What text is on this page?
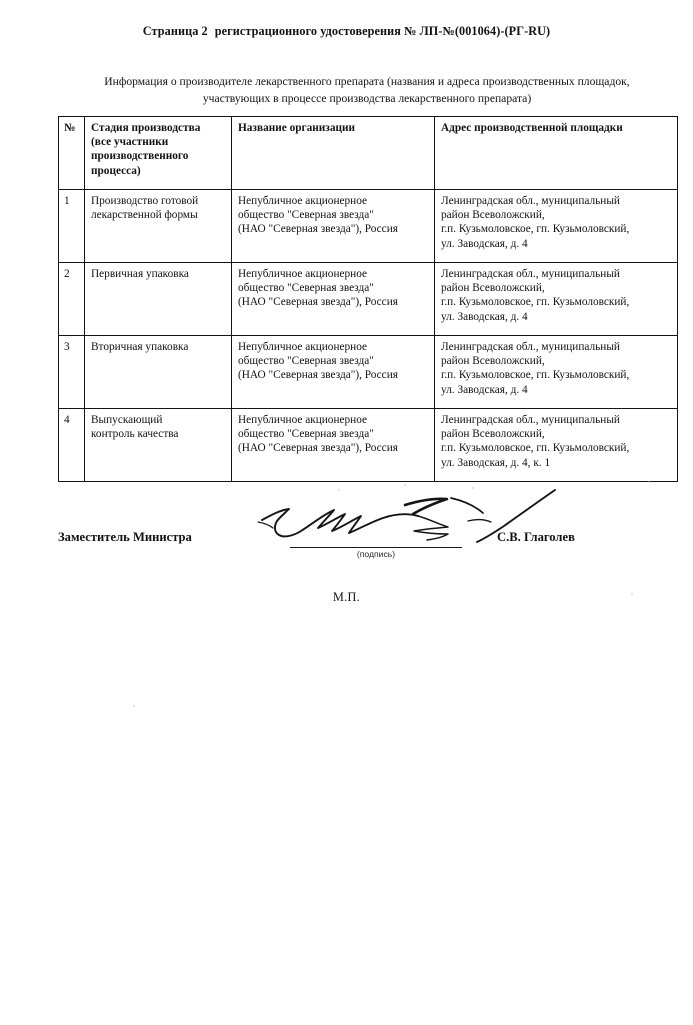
Страница 2 регистрационного удостоверения № ЛП-№(001064)-(РГ-RU)
Информация о производителе лекарственного препарата (названия и адреса производственных площадок,
участвующих в процессе производства лекарственного препарата)
№	Стадия производства
(все участники
производственного
процесса)	Название организации	Адрес производственной площадки
1	Производство готовой
лекарственной формы	Непубличное акционерное
общество "Северная звезда"
(НАО "Северная звезда"), Россия	Ленинградская обл., муниципальный
район Всеволожский,
г.п. Кузьмоловское, гп. Кузьмоловский,
ул. Заводская, д. 4

2	Первичная упаковка	Непубличное акционерное
общество "Северная звезда"
(НАО "Северная звезда"), Россия	Ленинградская обл., муниципальный
район Всеволожский,
г.п. Кузьмоловское, гп. Кузьмоловский,
ул. Заводская, д. 4

3	Вторичная упаковка	Непубличное акционерное
общество "Северная звезда"
(НАО "Северная звезда"), Россия	Ленинградская обл., муниципальный
район Всеволожский,
г.п. Кузьмоловское, гп. Кузьмоловский,
ул. Заводская, д. 4

4	Выпускающий
контроль качества	Непубличное акционерное
общество "Северная звезда"
(НАО "Северная звезда"), Россия	Ленинградская обл., муниципальный
район Всеволожский,
г.п. Кузьмоловское, гп. Кузьмоловский,
ул. Заводская, д. 4, к. 1
Заместитель Министра
(подпись)
С.В. Глаголев
М.П.
